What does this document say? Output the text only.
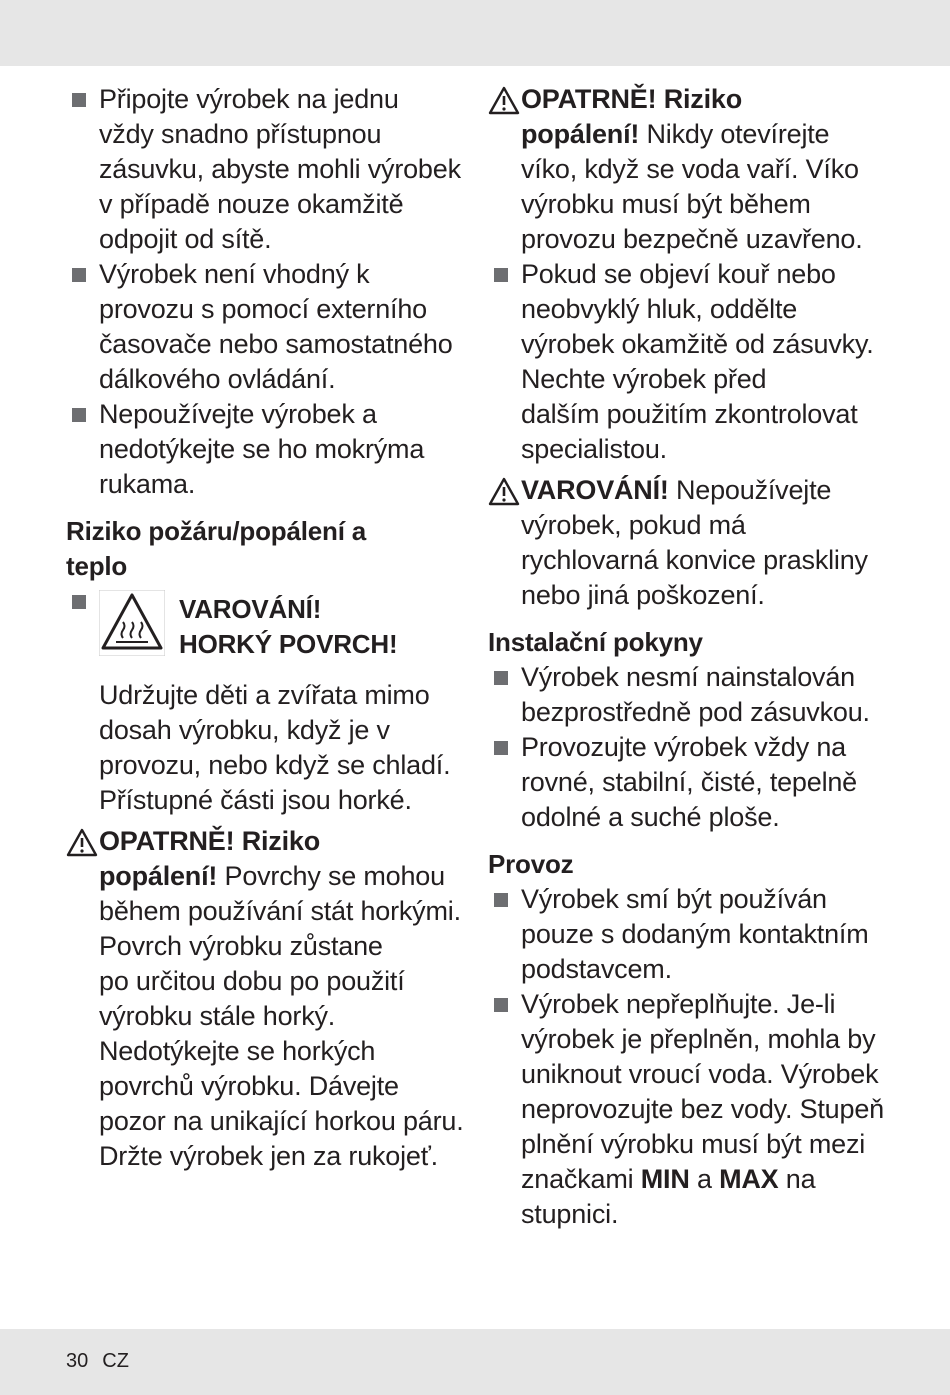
Připojte výrobek na jednu
vždy snadno přístupnou
zásuvku, abyste mohli výrobek
v případě nouze okamžitě
odpojit od sítě.
Výrobek není vhodný k
provozu s pomocí externího
časovače nebo samostatného
dálkového ovládání.
Nepoužívejte výrobek a
nedotýkejte se ho mokrýma
rukama.
Riziko požáru/popálení a
teplo
VAROVÁNÍ!
HORKÝ POVRCH!
Udržujte děti a zvířata mimo
dosah výrobku, když je v
provozu, nebo když se chladí.
Přístupné části jsou horké.
OPATRNĚ! Riziko
popálení! Povrchy se mohou
během používání stát horkými.
Povrch výrobku zůstane
po určitou dobu po použití
výrobku stále horký.
Nedotýkejte se horkých
povrchů výrobku. Dávejte
pozor na unikající horkou páru.
Držte výrobek jen za rukojeť.
OPATRNĚ! Riziko
popálení! Nikdy otevírejte
víko, když se voda vaří. Víko
výrobku musí být během
provozu bezpečně uzavřeno.
Pokud se objeví kouř nebo
neobvyklý hluk, oddělte
výrobek okamžitě od zásuvky.
Nechte výrobek před
dalším použitím zkontrolovat
specialistou.
VAROVÁNÍ! Nepoužívejte
výrobek, pokud má
rychlovarná konvice praskliny
nebo jiná poškození.
Instalační pokyny
Výrobek nesmí nainstalován
bezprostředně pod zásuvkou.
Provozujte výrobek vždy na
rovné, stabilní, čisté, tepelně
odolné a suché ploše.
Provoz
Výrobek smí být používán
pouze s dodaným kontaktním
podstavcem.
Výrobek nepřeplňujte. Je-li
výrobek je přeplněn, mohla by
uniknout vroucí voda. Výrobek
neprovozujte bez vody. Stupeň
plnění výrobku musí být mezi
značkami MIN a MAX na
stupnici.
30 CZ
